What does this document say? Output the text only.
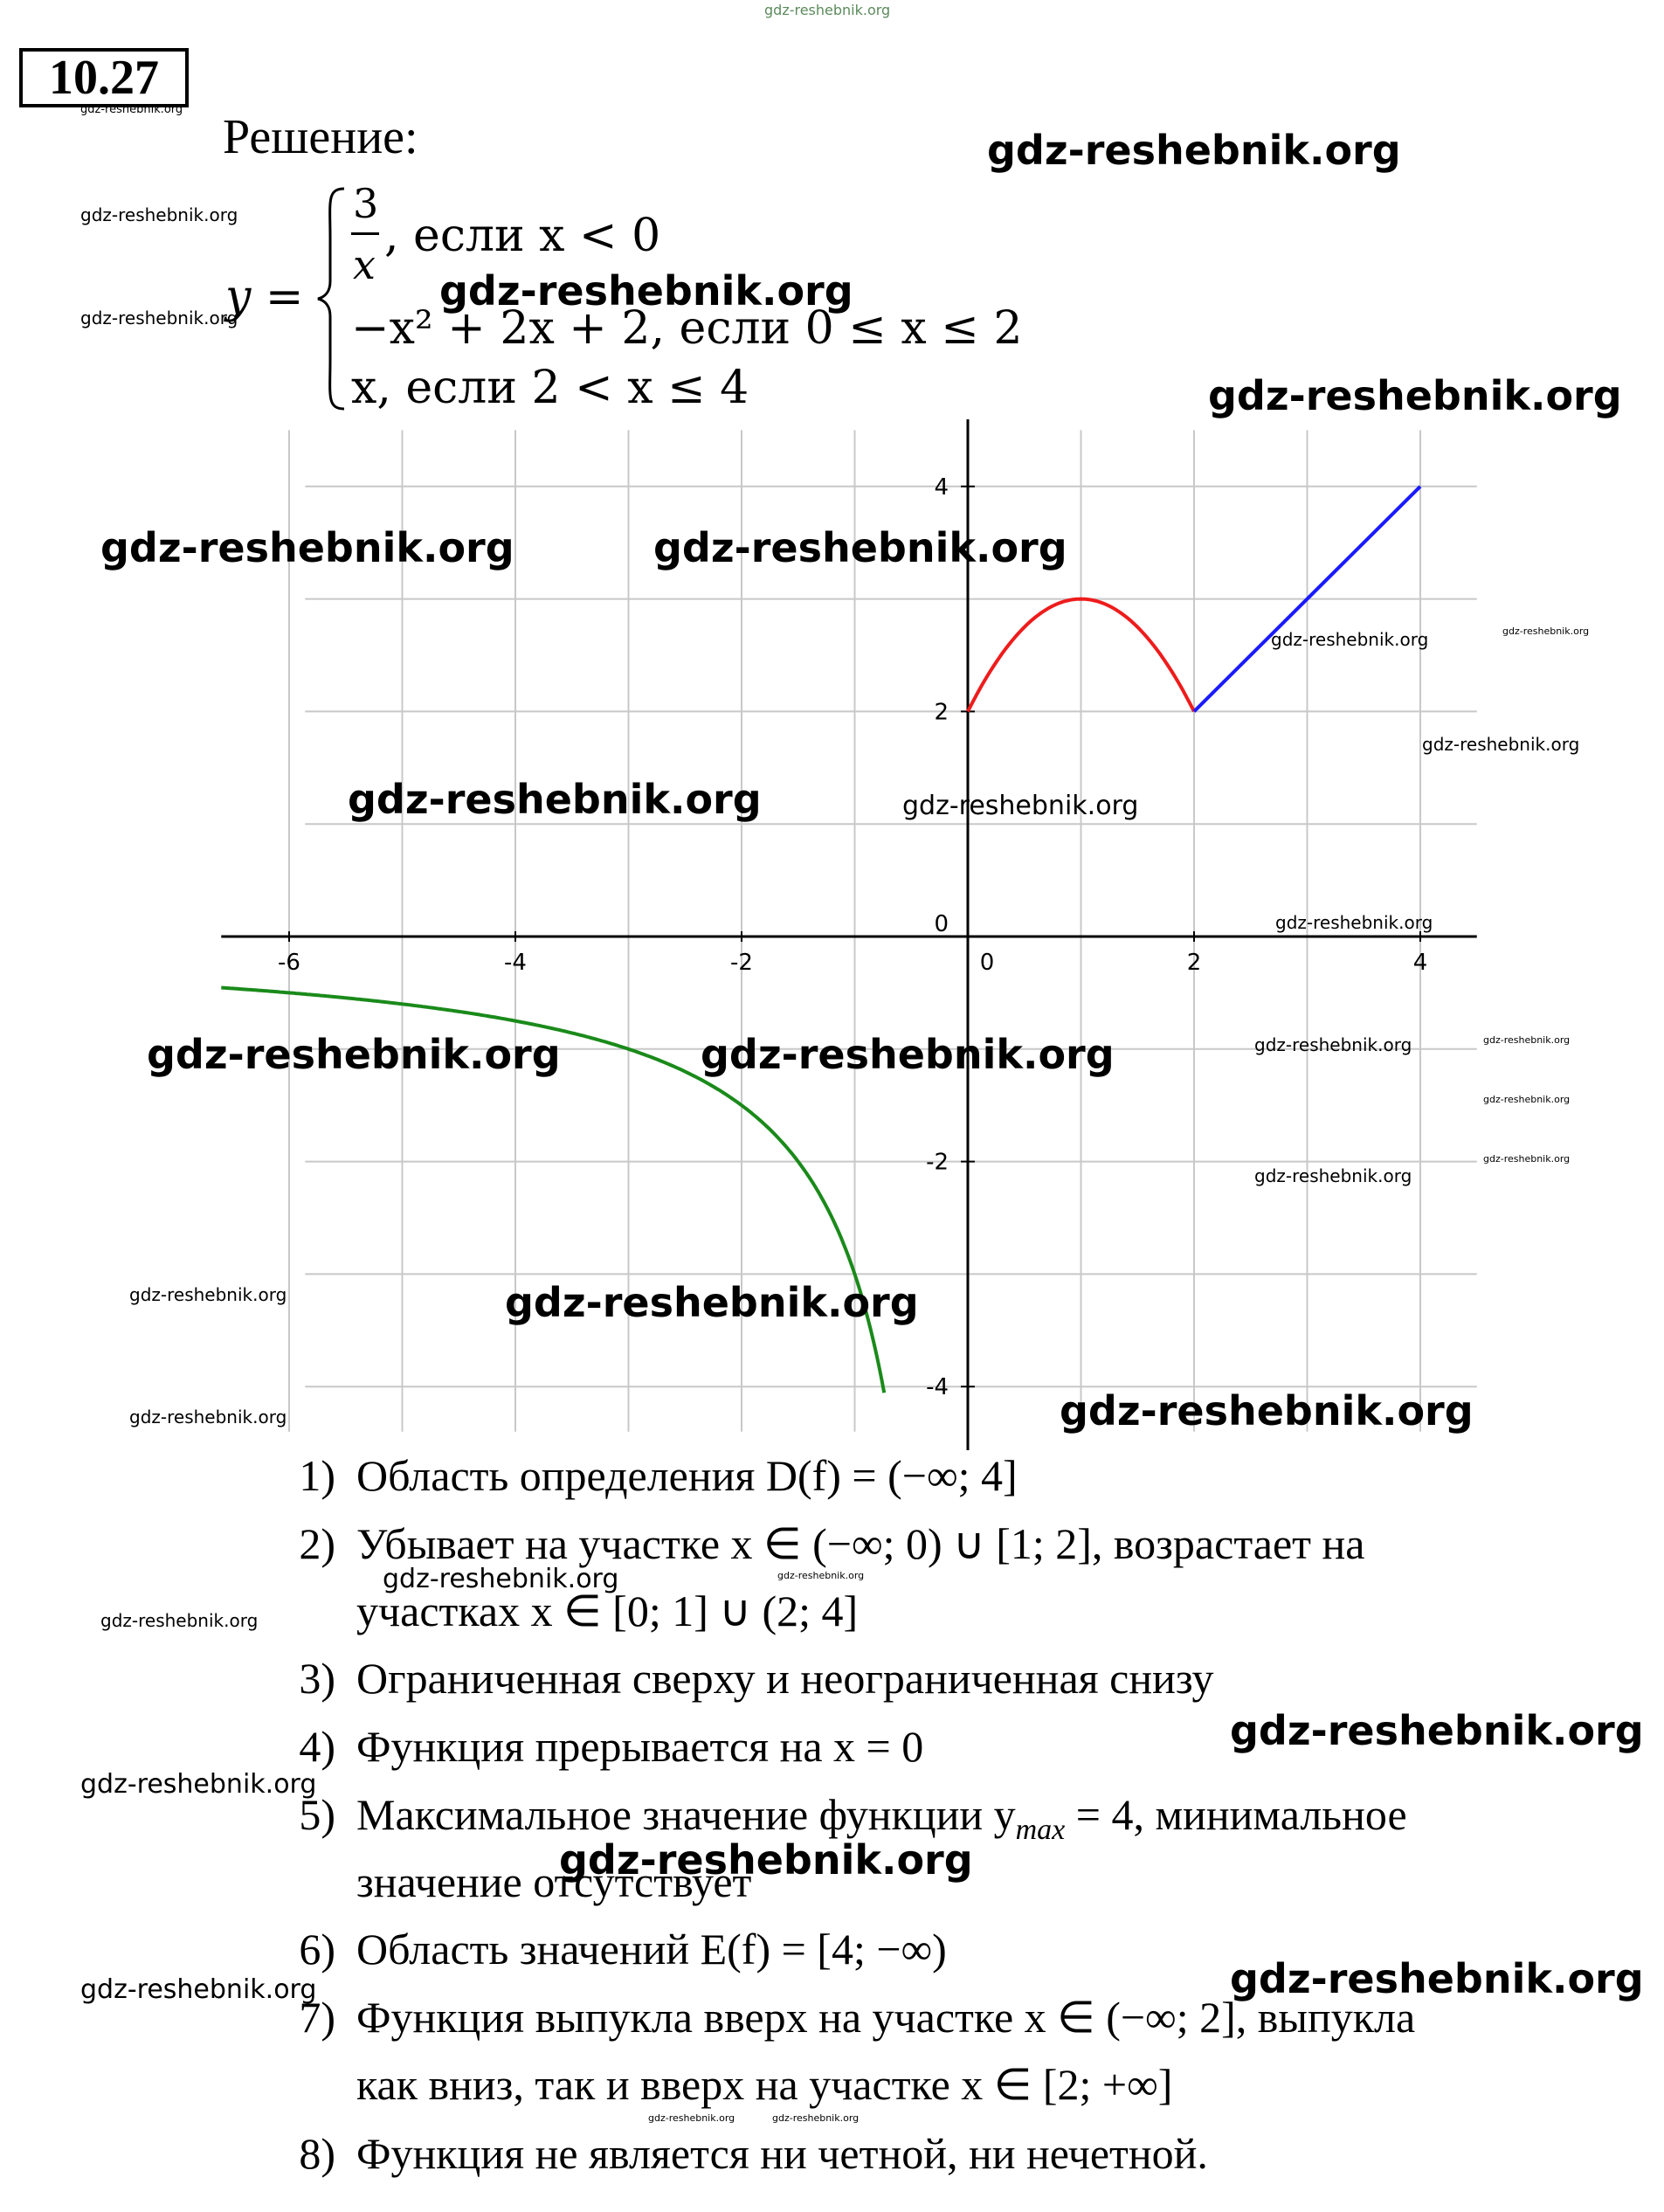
gdz-reshebnik.org
10.27
gdz-reshebnik.org
Решение:
y =
3
x
, если x < 0
−x² + 2x + 2, если 0 ≤ x ≤ 2
x, если 2 < x ≤ 4
-6	-4	-2	0	2	4
4
2
0
-2
-4
gdz-reshebnik.org
gdz-reshebnik.org
gdz-reshebnik.org
gdz-reshebnik.org
gdz-reshebnik.org
gdz-reshebnik.org	gdz-reshebnik.org
gdz-reshebnik.org	gdz-reshebnik.org
gdz-reshebnik.org
gdz-reshebnik.org	gdz-reshebnik.org
gdz-reshebnik.org
gdz-reshebnik.org	gdz-reshebnik.org	gdz-reshebnik.org	gdz-reshebnik.org
gdz-reshebnik.org
gdz-reshebnik.org
gdz-reshebnik.org
gdz-reshebnik.org	gdz-reshebnik.org
gdz-reshebnik.org	gdz-reshebnik.org
1) Область определения D(f) = (−∞; 4]
2) Убывает на участке x ∈ (−∞; 0) ∪ [1; 2], возрастает на
участках x ∈ [0; 1] ∪ (2; 4]
3) Ограниченная сверху и неограниченная снизу
4) Функция прерывается на x = 0
5) Максимальное значение функции $y_{max} = 4$, минимальное
значение отсутствует
6) Область значений E(f) = [4; −∞)
7) Функция выпукла вверх на участке x ∈ (−∞; 2], выпукла
как вниз, так и вверх на участке x ∈ [2; +∞]
8) Функция не является ни четной, ни нечетной.
gdz-reshebnik.org	gdz-reshebnik.org
gdz-reshebnik.org
gdz-reshebnik.org
gdz-reshebnik.org
gdz-reshebnik.org
gdz-reshebnik.org	gdz-reshebnik.org
gdz-reshebnik.org	gdz-reshebnik.org
